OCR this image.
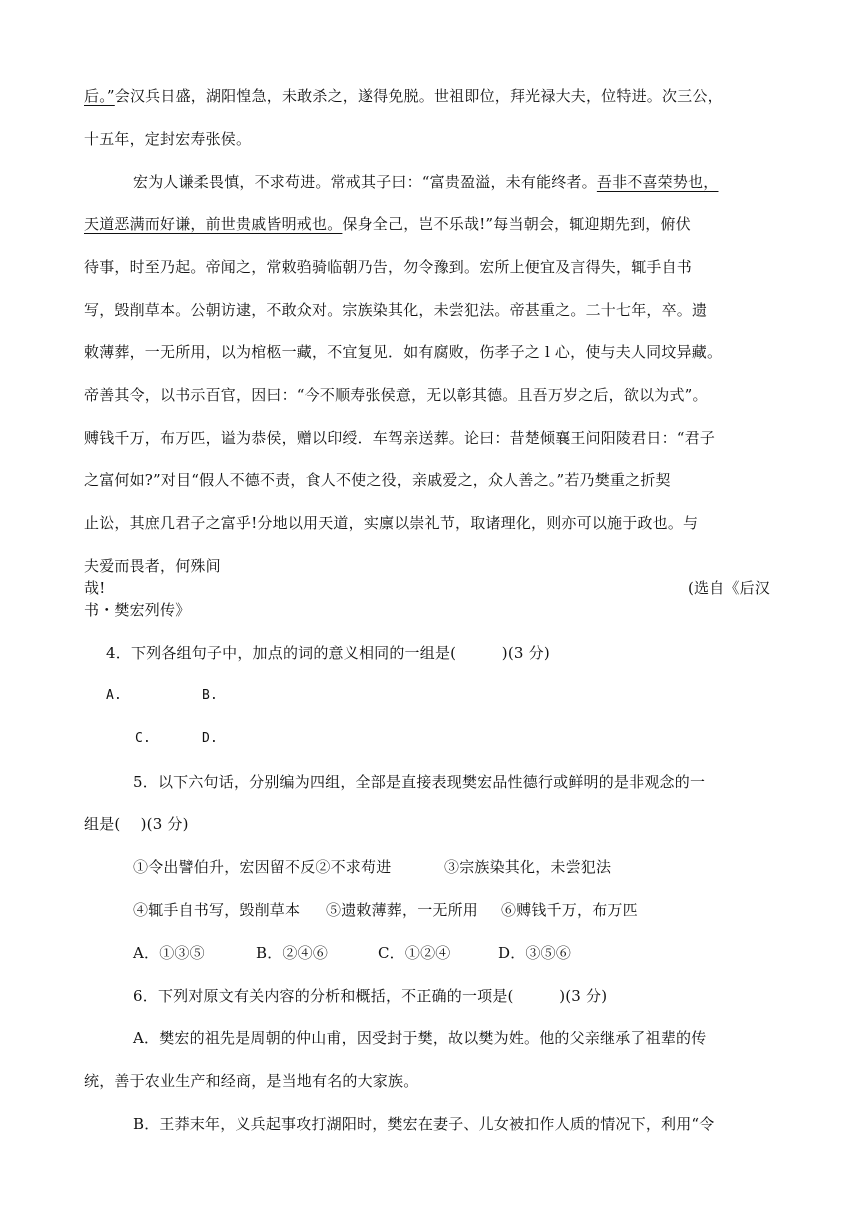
后。”会汉兵日盛，湖阳惶急，未敢杀之，遂得免脱。世祖即位，拜光禄大夫，位特进。次三公，
十五年，定封宏寿张侯。
宏为人谦柔畏慎，不求苟进。常戒其子曰：“富贵盈溢，未有能终者。吾非不喜荣势也，
天道恶满而好谦，前世贵戚皆明戒也。保身全己，岂不乐哉!”每当朝会，辄迎期先到，俯伏
待事，时至乃起。帝闻之，常敕驺骑临朝乃告，勿令豫到。宏所上便宜及言得失，辄手自书
写，毁削草本。公朝访逮，不敢众对。宗族染其化，未尝犯法。帝甚重之。二十七年，卒。遗
敕薄葬，一无所用，以为棺柩一藏，不宜复见．如有腐败，伤孝子之 l 心，使与夫人同坟异藏。
帝善其令，以书示百官，因曰：“今不顺寿张侯意，无以彰其德。且吾万岁之后，欲以为式”。
赙钱千万，布万匹，谥为恭侯，赠以印绶．车驾亲送葬。论曰：昔楚倾襄王问阳陵君日：“君子
之富何如?”对目“假人不德不责，食人不使之役，亲戚爱之，众人善之。”若乃樊重之折契
止讼，其庶几君子之富乎!分地以用天道，实廪以崇礼节，取诸理化，则亦可以施于政也。与
夫爱而畏者，何殊间
哉!	(选自《后汉
书・樊宏列传》
4．下列各组句子中，加点的词的意义相同的一组是(　　　)(3 分)
A.	B.
C.	D.
5．以下六句话，分别编为四组，全部是直接表现樊宏品性德行或鲜明的是非观念的一
组是(　 )(3 分)
①令出譬伯升，宏因留不反②不求苟进	③宗族染其化，未尝犯法
④辄手自书写，毁削草本 ⑤遗敕薄葬，一无所用 ⑥赙钱千万，布万匹
A．①③⑤	B．②④⑥	C．①②④	D．③⑤⑥
6．下列对原文有关内容的分析和概括，不正确的一项是(　　　)(3 分)
A．樊宏的祖先是周朝的仲山甫，因受封于樊，故以樊为姓。他的父亲继承了祖辈的传
统，善于农业生产和经商，是当地有名的大家族。
B．王莽末年，义兵起事攻打湖阳时，樊宏在妻子、儿女被扣作人质的情况下，利用“令
